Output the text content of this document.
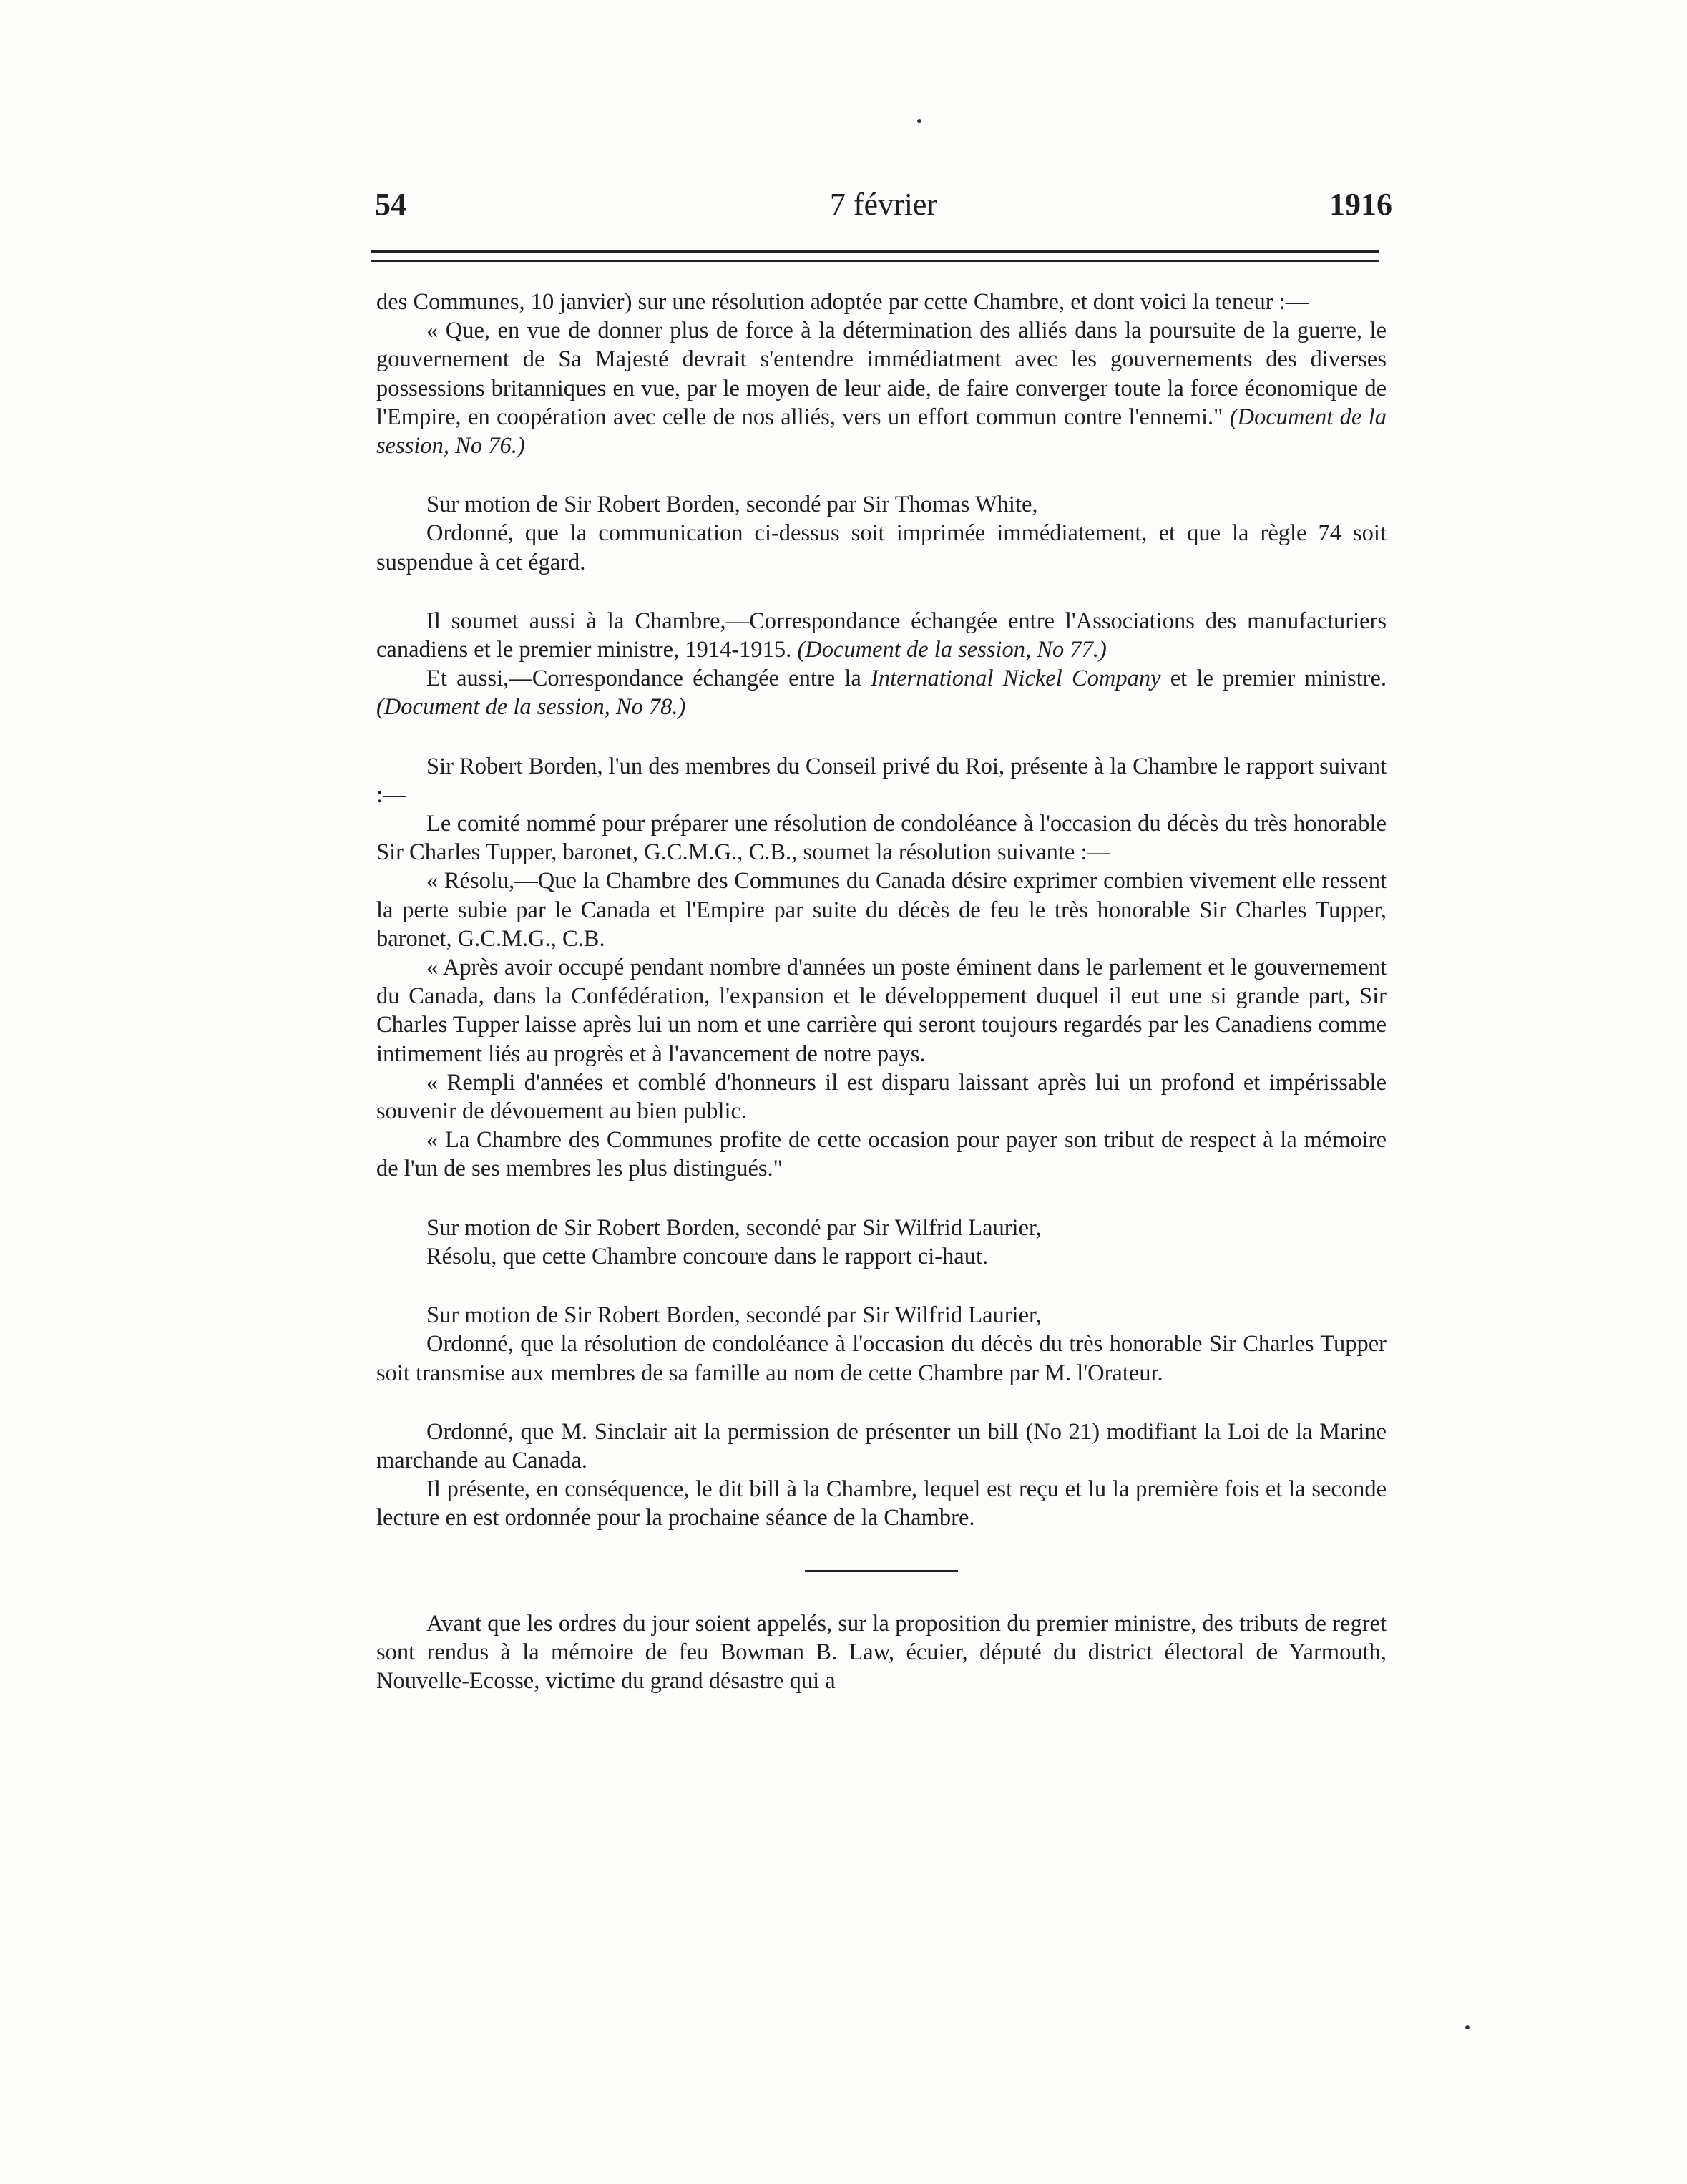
54	7 février	1916

des Communes, 10 janvier) sur une résolution adoptée par cette Chambre, et dont voici la teneur :—

« Que, en vue de donner plus de force à la détermination des alliés dans la poursuite de la guerre, le gouvernement de Sa Majesté devrait s'entendre immédiatment avec les gouvernements des diverses possessions britanniques en vue, par le moyen de leur aide, de faire converger toute la force économique de l'Empire, en coopération avec celle de nos alliés, vers un effort commun contre l'ennemi." (Document de la session, No 76.)

Sur motion de Sir Robert Borden, secondé par Sir Thomas White,

Ordonné, que la communication ci-dessus soit imprimée immédiatement, et que la règle 74 soit suspendue à cet égard.

Il soumet aussi à la Chambre,—Correspondance échangée entre l'Associations des manufacturiers canadiens et le premier ministre, 1914-1915. (Document de la session, No 77.)

Et aussi,—Correspondance échangée entre la International Nickel Company et le premier ministre. (Document de la session, No 78.)

Sir Robert Borden, l'un des membres du Conseil privé du Roi, présente à la Chambre le rapport suivant :—

Le comité nommé pour préparer une résolution de condoléance à l'occasion du décès du très honorable Sir Charles Tupper, baronet, G.C.M.G., C.B., soumet la résolution suivante :—

« Résolu,—Que la Chambre des Communes du Canada désire exprimer combien vivement elle ressent la perte subie par le Canada et l'Empire par suite du décès de feu le très honorable Sir Charles Tupper, baronet, G.C.M.G., C.B.

« Après avoir occupé pendant nombre d'années un poste éminent dans le parlement et le gouvernement du Canada, dans la Confédération, l'expansion et le développement duquel il eut une si grande part, Sir Charles Tupper laisse après lui un nom et une carrière qui seront toujours regardés par les Canadiens comme intimement liés au progrès et à l'avancement de notre pays.

« Rempli d'années et comblé d'honneurs il est disparu laissant après lui un profond et impérissable souvenir de dévouement au bien public.

« La Chambre des Communes profite de cette occasion pour payer son tribut de respect à la mémoire de l'un de ses membres les plus distingués."

Sur motion de Sir Robert Borden, secondé par Sir Wilfrid Laurier,

Résolu, que cette Chambre concoure dans le rapport ci-haut.

Sur motion de Sir Robert Borden, secondé par Sir Wilfrid Laurier,

Ordonné, que la résolution de condoléance à l'occasion du décès du très honorable Sir Charles Tupper soit transmise aux membres de sa famille au nom de cette Chambre par M. l'Orateur.

Ordonné, que M. Sinclair ait la permission de présenter un bill (No 21) modifiant la Loi de la Marine marchande au Canada.

Il présente, en conséquence, le dit bill à la Chambre, lequel est reçu et lu la première fois et la seconde lecture en est ordonnée pour la prochaine séance de la Chambre.

Avant que les ordres du jour soient appelés, sur la proposition du premier ministre, des tributs de regret sont rendus à la mémoire de feu Bowman B. Law, écuier, député du district électoral de Yarmouth, Nouvelle-Ecosse, victime du grand désastre qui a
